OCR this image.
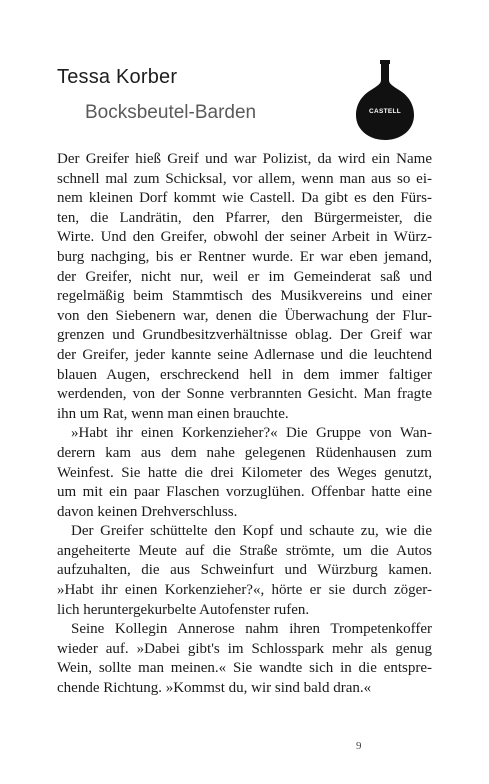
Tessa Korber
Bocksbeutel-Barden	CASTELL
Der Greifer hieß Greif und war Polizist, da wird ein Name
schnell mal zum Schicksal, vor allem, wenn man aus so ei-
nem kleinen Dorf kommt wie Castell. Da gibt es den Fürs-
ten, die Landrätin, den Pfarrer, den Bürgermeister, die
Wirte. Und den Greifer, obwohl der seiner Arbeit in Würz-
burg nachging, bis er Rentner wurde. Er war eben jemand,
der Greifer, nicht nur, weil er im Gemeinderat saß und
regelmäßig beim Stammtisch des Musikvereins und einer
von den Siebenern war, denen die Überwachung der Flur-
grenzen und Grundbesitzverhältnisse oblag. Der Greif war
der Greifer, jeder kannte seine Adlernase und die leuchtend
blauen Augen, erschreckend hell in dem immer faltiger
werdenden, von der Sonne verbrannten Gesicht. Man fragte
ihn um Rat, wenn man einen brauchte.
»Habt ihr einen Korkenzieher?« Die Gruppe von Wan-
derern kam aus dem nahe gelegenen Rüdenhausen zum
Weinfest. Sie hatte die drei Kilometer des Weges genutzt,
um mit ein paar Flaschen vorzuglühen. Offenbar hatte eine
davon keinen Drehverschluss.
Der Greifer schüttelte den Kopf und schaute zu, wie die
angeheiterte Meute auf die Straße strömte, um die Autos
aufzuhalten, die aus Schweinfurt und Würzburg kamen.
»Habt ihr einen Korkenzieher?«, hörte er sie durch zöger-
lich heruntergekurbelte Autofenster rufen.
Seine Kollegin Annerose nahm ihren Trompetenkoffer
wieder auf. »Dabei gibt's im Schlosspark mehr als genug
Wein, sollte man meinen.« Sie wandte sich in die entspre-
chende Richtung. »Kommst du, wir sind bald dran.«
9
